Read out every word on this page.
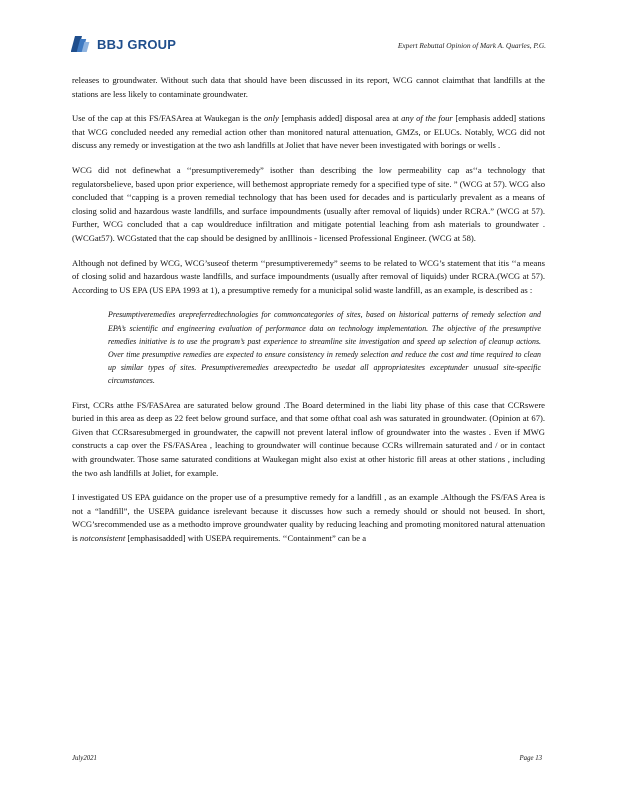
BBJ GROUP	Expert Rebuttal Opinion of Mark A. Quarles, P.G.

releases to groundwater. Without such data that should have been discussed in its report, WCG cannot claimthat that landfills at the stations are less likely to contaminate groundwater.

Use of the cap at this FS/FASArea at Waukegan is the only [emphasis added] disposal area at any of the four [emphasis added] stations that WCG concluded needed any remedial action other than monitored natural attenuation, GMZs, or ELUCs. Notably, WCG did not discuss any remedy or investigation at the two ash landfills at Joliet that have never been investigated with borings or wells .

WCG did not definewhat a ‘‘presumptiveremedy” isother than describing the low permeability cap as‘‘a technology that regulatorsbelieve, based upon prior experience, will bethemost appropriate remedy for a specified type of site. ” (WCG at 57). WCG also concluded that ‘‘capping is a proven remedial technology that has been used for decades and is particularly prevalent as a means of closing solid and hazardous waste landfills, and surface impoundments (usually after removal of liquids) under RCRA.” (WCG at 57). Further, WCG concluded that a cap wouldreduce infiltration and mitigate potential leaching from ash materials to groundwater . (WCGat57). WCGstated that the cap should be designed by anIllinois - licensed Professional Engineer. (WCG at 58).

Although not defined by WCG, WCG’suseof theterm ‘‘presumptiveremedy” seems to be related to WCG’s statement that itis ‘‘a means of closing solid and hazardous waste landfills, and surface impoundments (usually after removal of liquids) under RCRA.(WCG at 57). According to US EPA (US EPA 1993 at 1), a presumptive remedy for a municipal solid waste landfill, as an example, is described as :

Presumptiveremedies arepreferredtechnologies for commoncategories of sites, based on historical patterns of remedy selection and EPA’s scientific and engineering evaluation of performance data on technology implementation. The objective of the presumptive remedies initiative is to use the program’s past experience to streamline site investigation and speed up selection of cleanup actions. Over time presumptive remedies are expected to ensure consistency in remedy selection and reduce the cost and time required to clean up similar types of sites. Presumptiveremedies areexpectedto be usedat all appropriatesites exceptunder unusual site-specific circumstances.

First, CCRs atthe FS/FASArea are saturated below ground .The Board determined in the liabi lity phase of this case that CCRswere buried in this area as deep as 22 feet below ground surface, and that some ofthat coal ash was saturated in groundwater. (Opinion at 67). Given that CCRsaresubmerged in groundwater, the capwill not prevent lateral inflow of groundwater into the wastes . Even if MWG constructs a cap over the FS/FASArea , leaching to groundwater will continue because CCRs willremain saturated and / or in contact with groundwater. Those same saturated conditions at Waukegan might also exist at other historic fill areas at other stations , including the two ash landfills at Joliet, for example.

I investigated US EPA guidance on the proper use of a presumptive remedy for a landfill , as an example .Although the FS/FAS Area is not a “landfill”, the USEPA guidance isrelevant because it discusses how such a remedy should or should not beused. In short, WCG’srecommended use as a methodto improve groundwater quality by reducing leaching and promoting monitored natural attenuation is notconsistent [emphasisadded] with USEPA requirements. ‘‘Containment” can be a

July2021	Page 13
